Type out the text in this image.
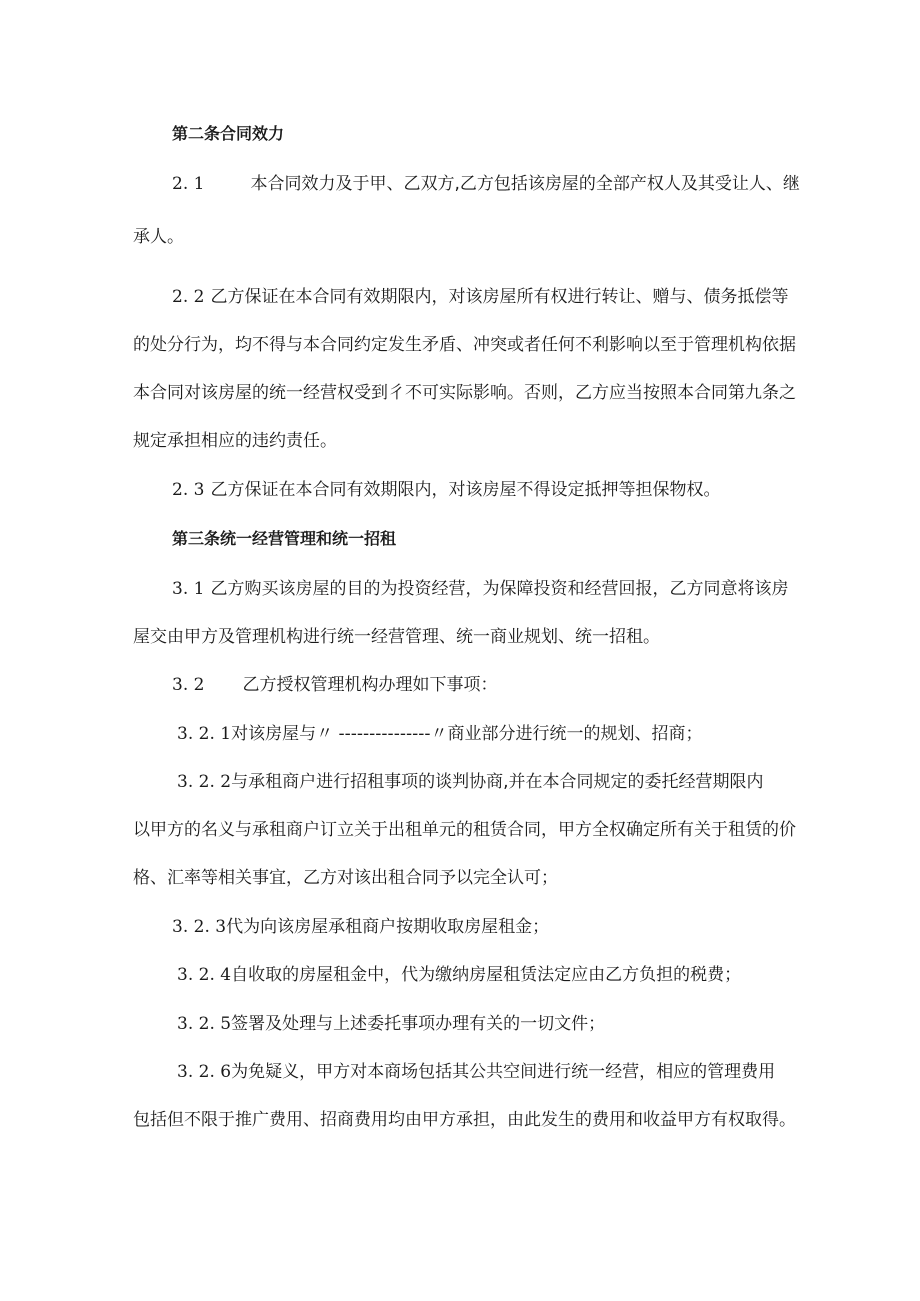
第二条合同效力
2. 1	本合同效力及于甲、乙双方,乙方包括该房屋的全部产权人及其受让人、继
承人。
2. 2 乙方保证在本合同有效期限内，对该房屋所有权进行转让、赠与、债务抵偿等
的处分行为，均不得与本合同约定发生矛盾、冲突或者任何不利影响以至于管理机构依据
本合同对该房屋的统一经营权受到彳不可实际影响。否则，乙方应当按照本合同第九条之
规定承担相应的违约责任。
2. 3 乙方保证在本合同有效期限内，对该房屋不得设定抵押等担保物权。
第三条统一经营管理和统一招租
3. 1 乙方购买该房屋的目的为投资经营，为保障投资和经营回报，乙方同意将该房
屋交由甲方及管理机构进行统一经营管理、统一商业规划、统一招租。
3. 2 乙方授权管理机构办理如下事项：
3. 2. 1对该房屋与〃 ---------------〃商业部分进行统一的规划、招商；
3. 2. 2与承租商户进行招租事项的谈判协商,并在本合同规定的委托经营期限内
以甲方的名义与承租商户订立关于出租单元的租赁合同，甲方全权确定所有关于租赁的价
格、汇率等相关事宜，乙方对该出租合同予以完全认可；
3. 2. 3代为向该房屋承租商户按期收取房屋租金；
3. 2. 4自收取的房屋租金中，代为缴纳房屋租赁法定应由乙方负担的税费；
3. 2. 5签署及处理与上述委托事项办理有关的一切文件；
3. 2. 6为免疑义，甲方对本商场包括其公共空间进行统一经营，相应的管理费用
包括但不限于推广费用、招商费用均由甲方承担，由此发生的费用和收益甲方有权取得。
